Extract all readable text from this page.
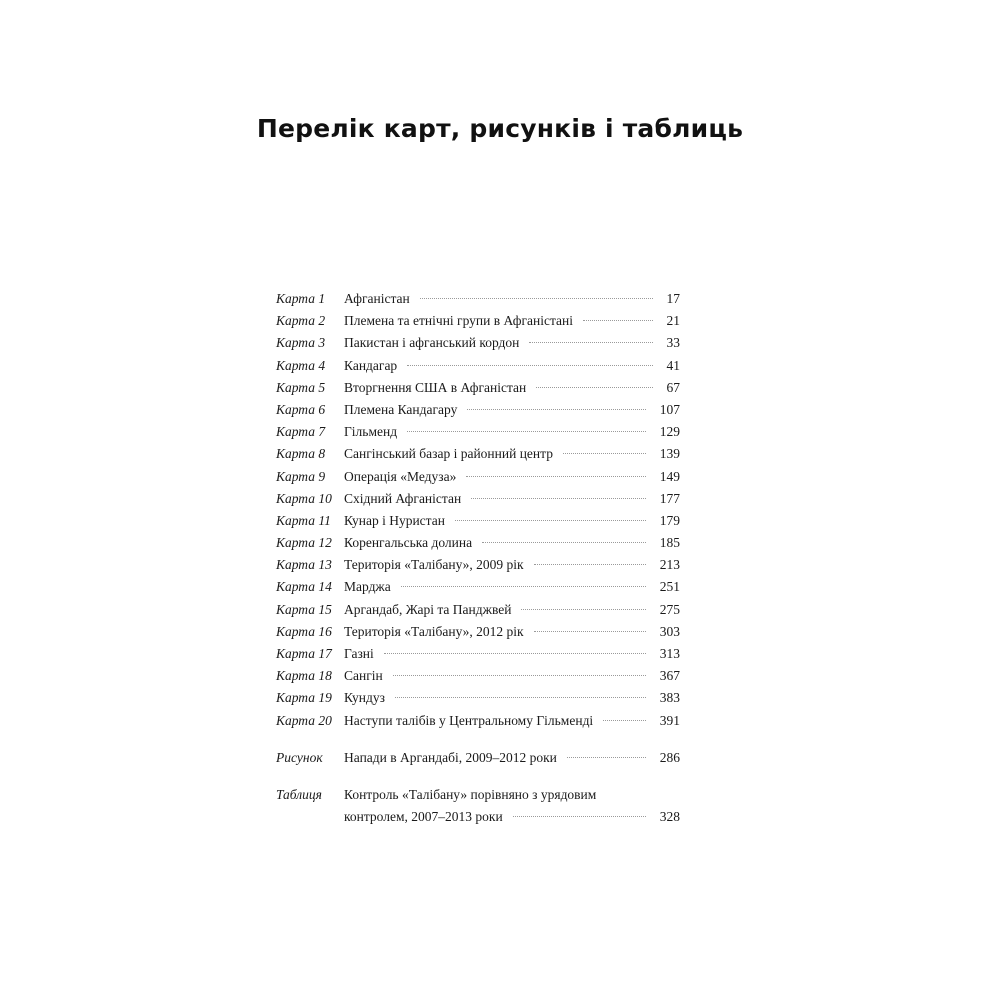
Перелік карт, рисунків і таблиць
Карта 1 Афганістан	17
Карта 2 Племена та етнічні групи в Афганістані	21
Карта 3 Пакистан і афганський кордон	33
Карта 4 Кандагар	41
Карта 5 Вторгнення США в Афганістан	67
Карта 6 Племена Кандагару	107
Карта 7 Гільменд	129
Карта 8 Сангінський базар і районний центр	139
Карта 9 Операція «Медуза»	149
Карта 10 Східний Афганістан	177
Карта 11 Кунар і Нуристан	179
Карта 12 Коренгальська долина	185
Карта 13 Територія «Талібану», 2009 рік	213
Карта 14 Марджа	251
Карта 15 Аргандаб, Жарі та Панджвей	275
Карта 16 Територія «Талібану», 2012 рік	303
Карта 17 Газні	313
Карта 18 Сангін	367
Карта 19 Кундуз	383
Карта 20 Наступи талібів у Центральному Гільменді	391
Рисунок Напади в Аргандабі, 2009–2012 роки	286
Таблиця Контроль «Талібану» порівняно з урядовим
контролем, 2007–2013 роки	328
